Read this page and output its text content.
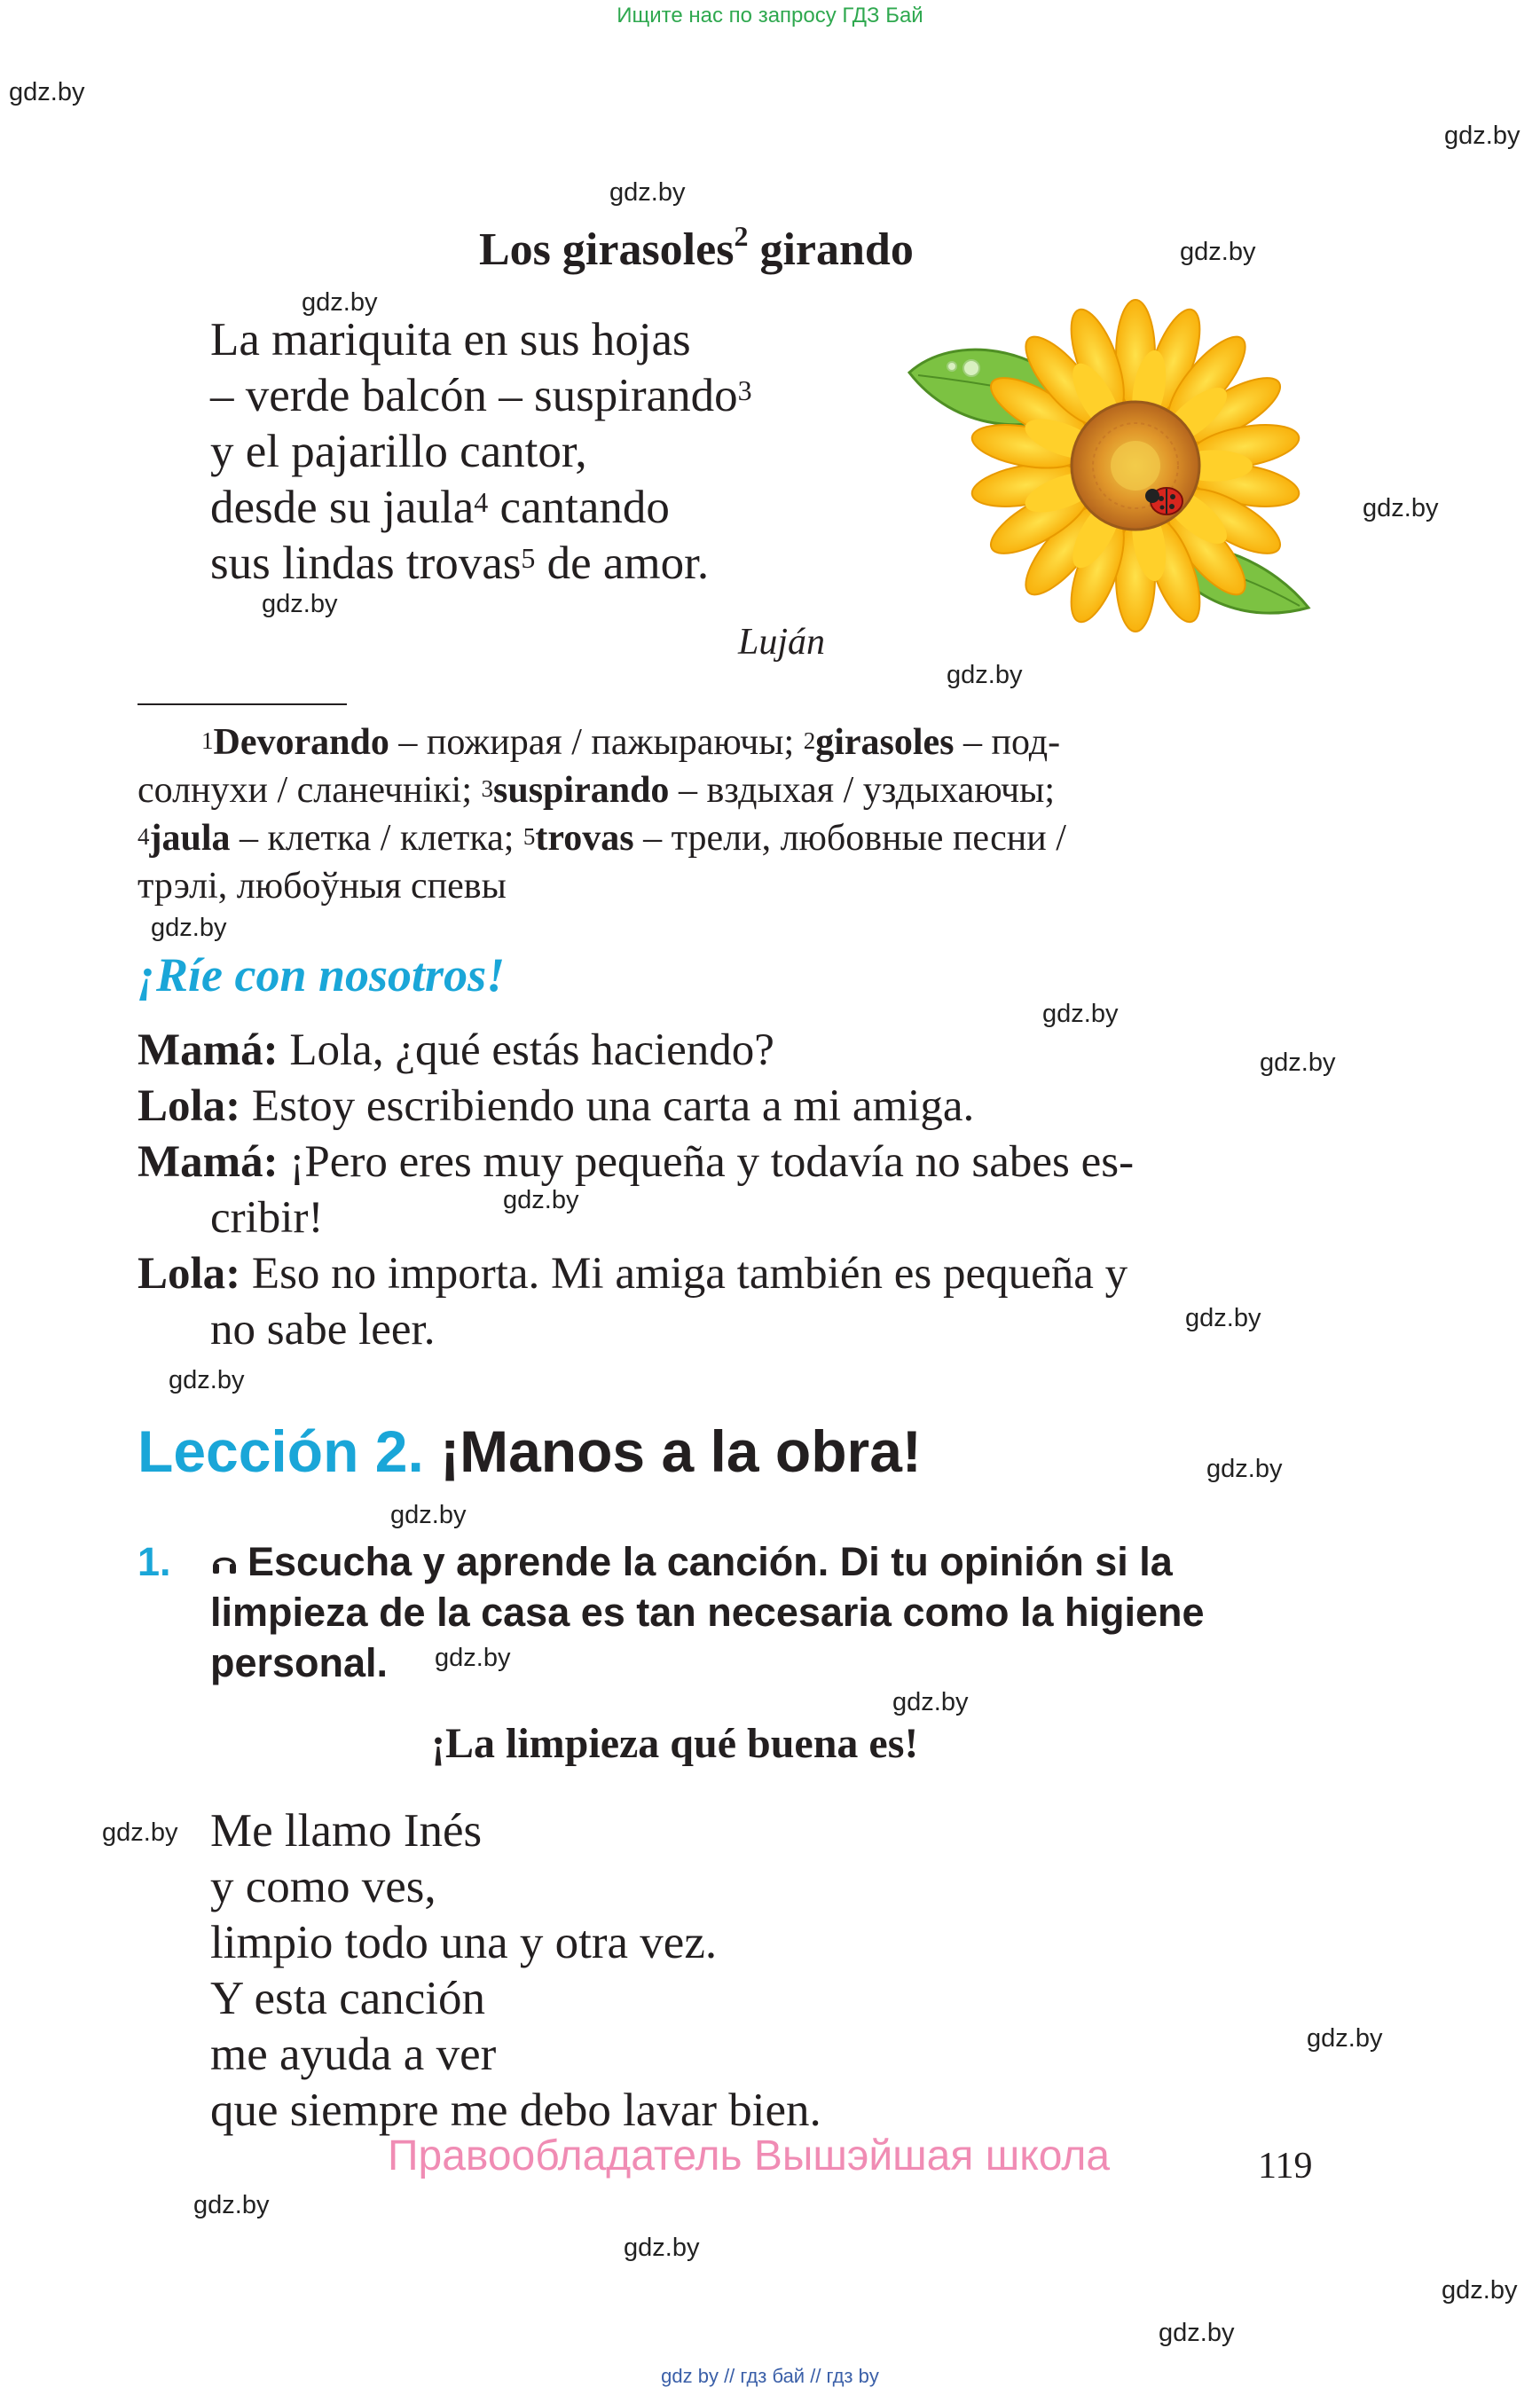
Ищите нас по запросу ГДЗ Бай
gdz.by
gdz.by
gdz.by
gdz.by
gdz.by
gdz.by
gdz.by
gdz.by
gdz.by
gdz.by
gdz.by
gdz.by
gdz.by
gdz.by
gdz.by
gdz.by
gdz.by
gdz.by
gdz.by
gdz.by
gdz.by
gdz.by
gdz.by
gdz.by
Los girasoles$^2$ girando
La mariquita en sus hojas
– verde balcón – suspirando$^3$
y el pajarillo cantor,
desde su jaula$^4$ cantando
sus lindas trovas$^5$ de amor.
Luján
$^1$Devorando – пожирая / пажыраючы; $^2$girasoles – под-
солнухи / сланечнікі; $^3$suspirando – вздыхая / уздыхаючы;
$^4$jaula – клетка / клетка; $^5$trovas – трели, любовные песни /
трэлі, любоўныя спевы
¡Ríe con nosotros!
Mamá: Lola, ¿qué estás haciendo?
Lola: Estoy escribiendo una carta a mi amiga.
Mamá: ¡Pero eres muy pequeña y todavía no sabes es-
cribir!
Lola: Eso no importa. Mi amiga también es pequeña y
no sabe leer.
Lección 2. ¡Manos a la obra!
1.	Escucha y aprende la canción. Di tu opinión si la
limpieza de la casa es tan necesaria como la higiene
personal.
¡La limpieza qué buena es!
Me llamo Inés
y como ves,
limpio todo una y otra vez.
Y esta canción
me ayuda a ver
que siempre me debo lavar bien.
Правообладатель Вышэйшая школа	119
gdz by // гдз бай // гдз by
